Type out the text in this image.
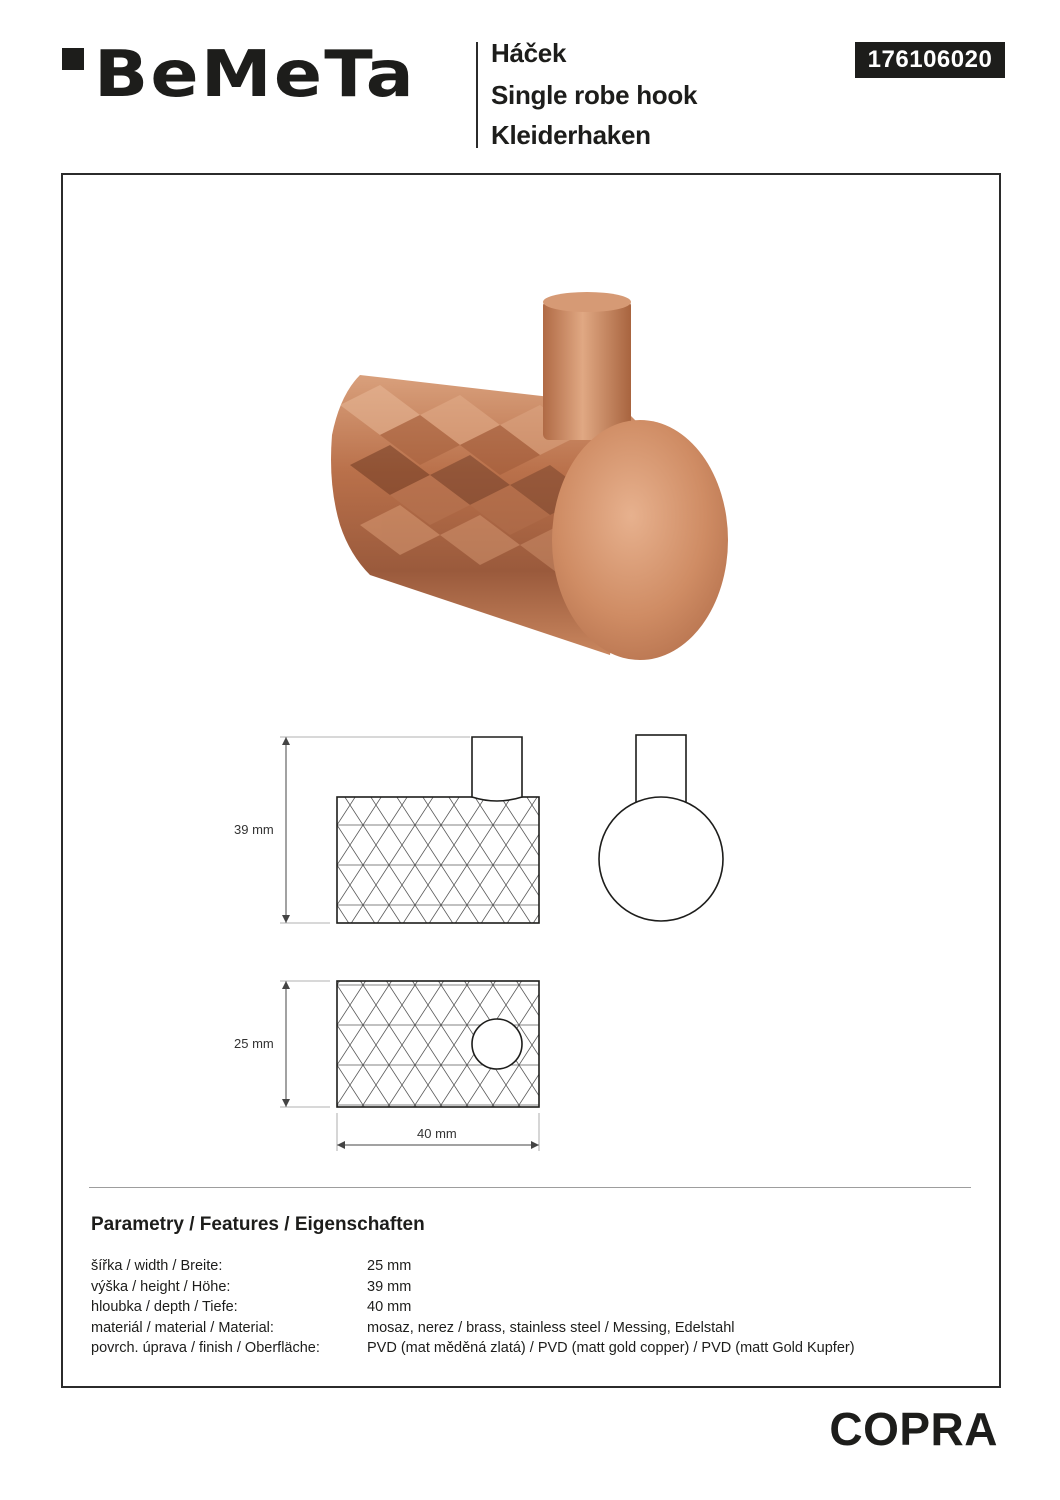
BeMeTa	Háček
Single robe hook
Kleiderhaken
176106020
39 mm
25 mm
40 mm
Parametry / Features / Eigenschaften
šířka / width / Breite:	25 mm
výška / height / Höhe:	39 mm
hloubka / depth / Tiefe:	40 mm
materiál / material / Material:	mosaz, nerez / brass, stainless steel / Messing, Edelstahl
povrch. úprava / finish / Oberfläche:	PVD (mat měděná zlatá) / PVD (matt gold copper) / PVD (matt Gold Kupfer)
COPRA
